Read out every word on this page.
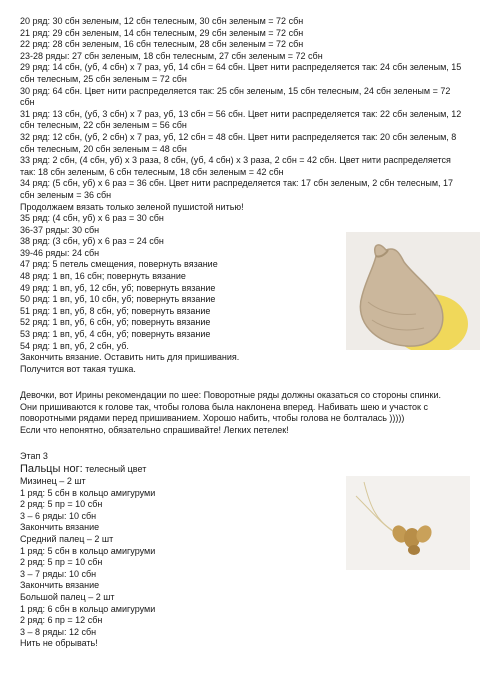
20 ряд: 30 сбн зеленым, 12 сбн телесным, 30 сбн зеленым = 72 сбн
21 ряд: 29 сбн зеленым, 14 сбн телесным, 29 сбн зеленым = 72 сбн
22 ряд: 28 сбн зеленым, 16 сбн телесным, 28 сбн зеленым = 72 сбн
23-28 ряды: 27 сбн зеленым, 18 сбн телесным, 27 сбн зеленым = 72 сбн
29 ряд: 14 сбн, (уб, 4 сбн) х 7 раз, уб, 14 сбн = 64 сбн. Цвет нити распределяется так: 24 сбн зеленым, 15
сбн телесным, 25 сбн зеленым = 72 сбн
30 ряд: 64 сбн. Цвет нити распределяется так: 25 сбн зеленым, 15 сбн телесным, 24 сбн зеленым = 72
сбн
31 ряд: 13 сбн, (уб, 3 сбн) х 7 раз, уб, 13 сбн = 56 сбн. Цвет нити распределяется так: 22 сбн зеленым, 12
сбн телесным, 22 сбн зеленым = 56 сбн
32 ряд: 12 сбн, (уб, 2 сбн) х 7 раз, уб, 12 сбн = 48 сбн. Цвет нити распределяется так: 20 сбн зеленым, 8
сбн телесным, 20 сбн зеленым = 48 сбн
33 ряд: 2 сбн, (4 сбн, уб) х 3 раза, 8 сбн, (уб, 4 сбн) х 3 раза, 2 сбн = 42 сбн. Цвет нити распределяется
так: 18 сбн зеленым, 6 сбн телесным, 18 сбн зеленым = 42 сбн
34 ряд: (5 сбн, уб) х 6 раз = 36 сбн. Цвет нити распределяется так: 17 сбн зеленым, 2 сбн телесным, 17
сбн зеленым = 36 сбн
Продолжаем вязать только зеленой пушистой нитью!
35 ряд: (4 сбн, уб) х 6 раз = 30 сбн
36-37 ряды: 30 сбн
38 ряд: (3 сбн, уб) х 6 раз = 24 сбн
39-46 ряды: 24 сбн
47 ряд: 5 петель смещения, повернуть вязание
48 ряд: 1 вп, 16 сбн; повернуть вязание
49 ряд: 1 вп, уб, 12 сбн, уб; повернуть вязание
50 ряд: 1 вп, уб, 10 сбн, уб; повернуть вязание
51 ряд: 1 вп, уб, 8 сбн, уб; повернуть вязание
52 ряд: 1 вп, уб, 6 сбн, уб; повернуть вязание
53 ряд: 1 вп, уб, 4 сбн, уб; повернуть вязание
54 ряд: 1 вп, уб, 2 сбн, уб.
Закончить вязание. Оставить нить для пришивания.
Получится вот такая тушка.
Девочки, вот Ирины рекомендации по шее: Поворотные ряды должны оказаться со стороны спинки.
Они пришиваются к голове так, чтобы голова была наклонена вперед. Набивать шею и участок с
поворотными рядами перед пришиванием. Хорошо набить, чтобы голова не болталась )))))
Если что непонятно, обязательно спрашивайте! Легких петелек!
Этап 3
Пальцы ног: телесный цвет
Мизинец – 2 шт
1 ряд: 5 сбн в кольцо амигуруми
2 ряд: 5 пр = 10 сбн
3 – 6 ряды: 10 сбн
Закончить вязание
Средний палец – 2 шт
1 ряд: 5 сбн в кольцо амигуруми
2 ряд: 5 пр = 10 сбн
3 – 7 ряды: 10 сбн
Закончить вязание
Большой палец – 2 шт
1 ряд: 6 сбн в кольцо амигуруми
2 ряд: 6 пр = 12 сбн
3 – 8 ряды: 12 сбн
Нить не обрывать!
